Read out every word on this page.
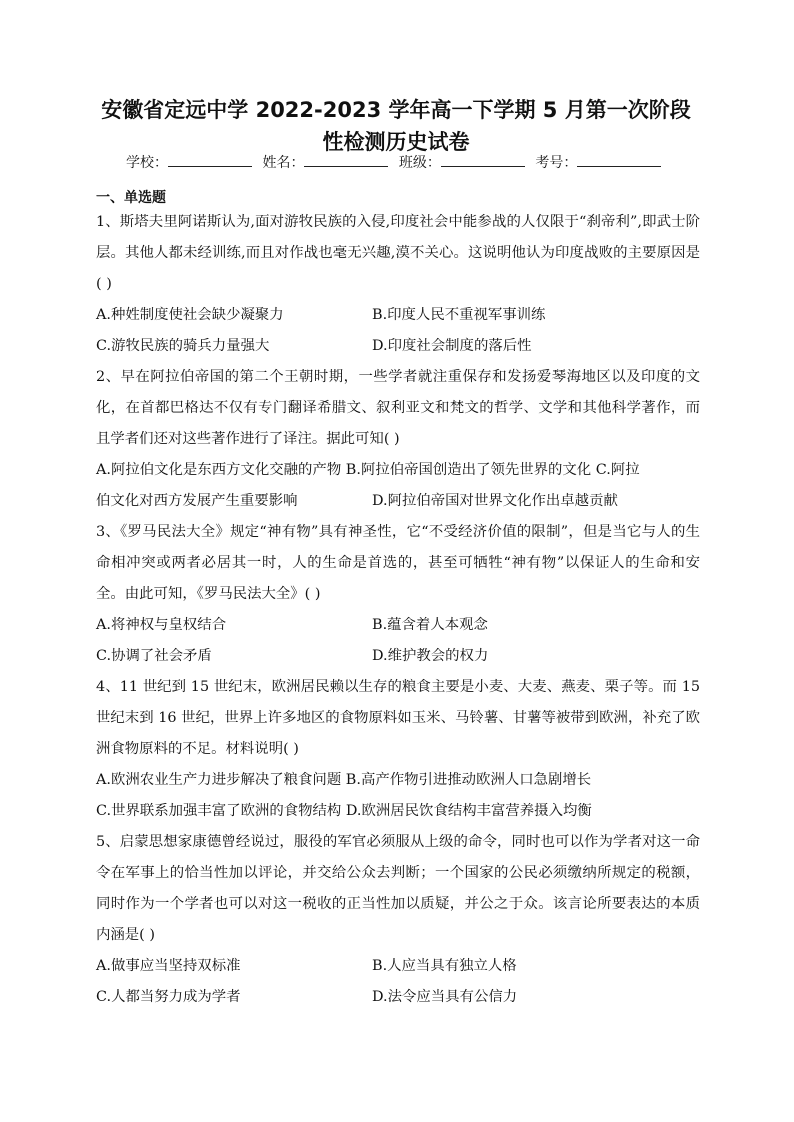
安徽省定远中学 2022-2023 学年高一下学期 5 月第一次阶段性检测历史试卷
学校：	姓名：	班级：	考号：
一、单选题

1、斯塔夫里阿诺斯认为,面对游牧民族的入侵,印度社会中能参战的人仅限于“刹帝利”,即武士阶层。其他人都未经训练,而且对作战也毫无兴趣,漠不关心。这说明他认为印度战败的主要原因是( )

A.种姓制度使社会缺少凝聚力	B.印度人民不重视军事训练
C.游牧民族的骑兵力量强大	D.印度社会制度的落后性

2、早在阿拉伯帝国的第二个王朝时期，一些学者就注重保存和发扬爱琴海地区以及印度的文化，在首都巴格达不仅有专门翻译希腊文、叙利亚文和梵文的哲学、文学和其他科学著作，而且学者们还对这些著作进行了译注。据此可知( )

A.阿拉伯文化是东西方文化交融的产物 B.阿拉伯帝国创造出了领先世界的文化 C.阿拉
伯文化对西方发展产生重要影响	D.阿拉伯帝国对世界文化作出卓越贡献

3、《罗马民法大全》规定“神有物”具有神圣性，它“不受经济价值的限制”，但是当它与人的生命相冲突或两者必居其一时，人的生命是首选的，甚至可牺牲“神有物”以保证人的生命和安全。由此可知，《罗马民法大全》( )

A.将神权与皇权结合	B.蕴含着人本观念
C.协调了社会矛盾	D.维护教会的权力

4、11 世纪到 15 世纪末，欧洲居民赖以生存的粮食主要是小麦、大麦、燕麦、栗子等。而 15 世纪末到 16 世纪，世界上许多地区的食物原料如玉米、马铃薯、甘薯等被带到欧洲，补充了欧洲食物原料的不足。材料说明( )

A.欧洲农业生产力进步解决了粮食问题 B.高产作物引进推动欧洲人口急剧增长
C.世界联系加强丰富了欧洲的食物结构 D.欧洲居民饮食结构丰富营养摄入均衡

5、启蒙思想家康德曾经说过，服役的军官必须服从上级的命令，同时也可以作为学者对这一命令在军事上的恰当性加以评论，并交给公众去判断；一个国家的公民必须缴纳所规定的税额，同时作为一个学者也可以对这一税收的正当性加以质疑，并公之于众。该言论所要表达的本质内涵是( )

A.做事应当坚持双标准	B.人应当具有独立人格
C.人都当努力成为学者	D.法令应当具有公信力
